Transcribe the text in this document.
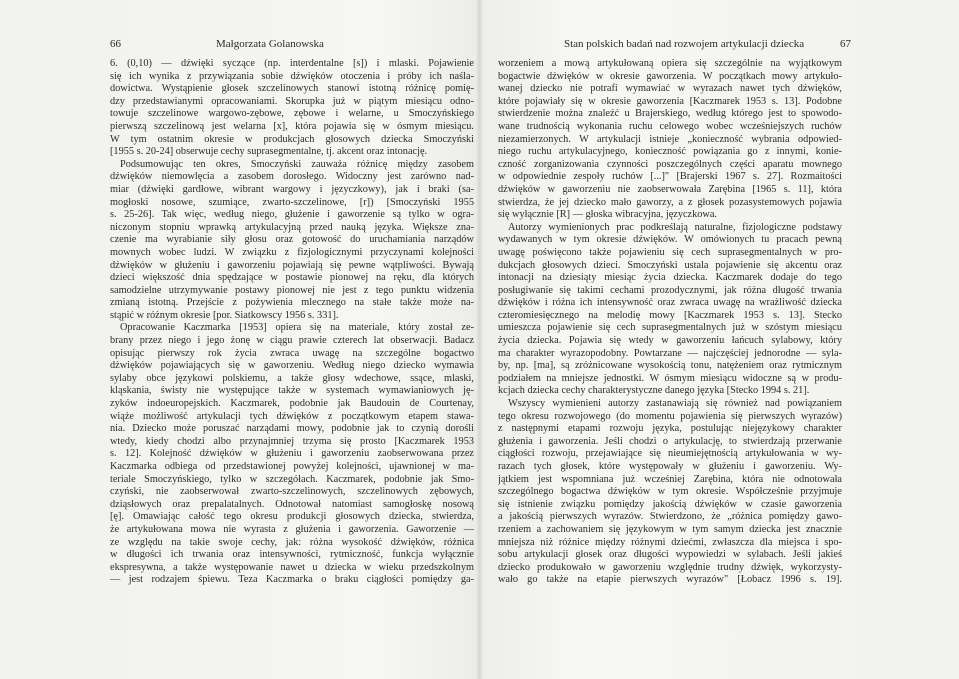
66	Małgorzata Golanowska
6. (0,10) — dźwięki syczące (np. interdentalne [s]) i mlaski. Pojawienie
się ich wynika z przywiązania sobie dźwięków otoczenia i próby ich naśla-
dowictwa. Wystąpienie głosek szczelinowych stanowi istotną różnicę pomię-
dzy przedstawianymi opracowaniami. Skorupka już w piątym miesiącu odno-
towuje szczelinowe wargowo-zębowe, zębowe i welarne, u Smoczyńskiego
pierwszą szczelinową jest welarna [x], która pojawia się w ósmym miesiącu.
W tym ostatnim okresie w produkcjach głosowych dziecka Smoczyński
[1955 s. 20-24] obserwuje cechy suprasegmentalne, tj. akcent oraz intonację.
Podsumowując ten okres, Smoczyński zauważa różnicę między zasobem
dźwięków niemowlęcia a zasobem dorosłego. Widoczny jest zarówno nad-
miar (dźwięki gardłowe, wibrant wargowy i języczkowy), jak i braki (sa-
mogłoski nosowe, szumiące, zwarto-szczelinowe, [r]) [Smoczyński 1955
s. 25-26]. Tak więc, według niego, głużenie i gaworzenie są tylko w ogra-
niczonym stopniu wprawką artykulacyjną przed nauką języka. Większe zna-
czenie ma wyrabianie siły głosu oraz gotowość do uruchamiania narządów
mownych wobec ludzi. W związku z fizjologicznymi przyczynami kolejności
dźwięków w głużeniu i gaworzeniu pojawiają się pewne wątpliwości. Bywają
dzieci większość dnia spędzające w postawie pionowej na ręku, dla których
samodzielne utrzymywanie postawy pionowej nie jest z tego punktu widzenia
zmianą istotną. Przejście z pożywienia mlecznego na stałe także może na-
stąpić w różnym okresie [por. Siatkowscy 1956 s. 331].
Opracowanie Kaczmarka [1953] opiera się na materiale, który został ze-
brany przez niego i jego żonę w ciągu prawie czterech lat obserwacji. Badacz
opisując pierwszy rok życia zwraca uwagę na szczególne bogactwo
dźwięków pojawiających się w gaworzeniu. Według niego dziecko wymawia
sylaby obce językowi polskiemu, a także głosy wdechowe, ssące, mlaski,
kląskania, świsty nie występujące także w systemach wymawianiowych ję-
zyków indoeuropejskich. Kaczmarek, podobnie jak Baudouin de Courtenay,
wiąże możliwość artykulacji tych dźwięków z początkowym etapem stawa-
nia. Dziecko może poruszać narządami mowy, podobnie jak to czynią dorośli
wtedy, kiedy chodzi albo przynajmniej trzyma się prosto [Kaczmarek 1953
s. 12]. Kolejność dźwięków w głużeniu i gaworzeniu zaobserwowana przez
Kaczmarka odbiega od przedstawionej powyżej kolejności, ujawnionej w ma-
teriale Smoczyńskiego, tylko w szczegółach. Kaczmarek, podobnie jak Smo-
czyński, nie zaobserwował zwarto-szczelinowych, szczelinowych zębowych,
dziąsłowych oraz prepalatalnych. Odnotował natomiast samogłoskę nosową
[ę]. Omawiając całość tego okresu produkcji głosowych dziecka, stwierdza,
że artykułowana mowa nie wyrasta z głużenia i gaworzenia. Gaworzenie —
ze względu na takie swoje cechy, jak: różna wysokość dźwięków, różnica
w długości ich trwania oraz intensywności, rytmiczność, funkcja wyłącznie
ekspresywna, a także występowanie nawet u dziecka w wieku przedszkolnym
— jest rodzajem śpiewu. Teza Kaczmarka o braku ciągłości pomiędzy ga-
Stan polskich badań nad rozwojem artykulacji dziecka	67
worzeniem a mową artykułowaną opiera się szczególnie na wyjątkowym
bogactwie dźwięków w okresie gaworzenia. W początkach mowy artykuło-
wanej dziecko nie potrafi wymawiać w wyrazach nawet tych dźwięków,
które pojawiały się w okresie gaworzenia [Kaczmarek 1953 s. 13]. Podobne
stwierdzenie można znaleźć u Brajerskiego, według którego jest to spowodo-
wane trudnością wykonania ruchu celowego wobec wcześniejszych ruchów
niezamierzonych. W artykulacji istnieje „konieczność wybrania odpowied-
niego ruchu artykulacyjnego, konieczność powiązania go z innymi, konie-
czność zorganizowania czynności poszczególnych części aparatu mownego
w odpowiednie zespoły ruchów [...]" [Brajerski 1967 s. 27]. Rozmaitości
dźwięków w gaworzeniu nie zaobserwowała Zarębina [1965 s. 11], która
stwierdza, że jej dziecko mało gaworzy, a z głosek pozasystemowych pojawia
się wyłącznie [R] — głoska wibracyjna, języczkowa.
Autorzy wymienionych prac podkreślają naturalne, fizjologiczne podstawy
wydawanych w tym okresie dźwięków. W omówionych tu pracach pewną
uwagę poświęcono także pojawieniu się cech suprasegmentalnych w pro-
dukcjach głosowych dzieci. Smoczyński ustala pojawienie się akcentu oraz
intonacji na dziesiąty miesiąc życia dziecka. Kaczmarek dodaje do tego
posługiwanie się takimi cechami prozodycznymi, jak różna długość trwania
dźwięków i różna ich intensywność oraz zwraca uwagę na wrażliwość dziecka
czteromiesięcznego na melodię mowy [Kaczmarek 1953 s. 13]. Stecko
umieszcza pojawienie się cech suprasegmentalnych już w szóstym miesiącu
życia dziecka. Pojawia się wtedy w gaworzeniu łańcuch sylabowy, który
ma charakter wyrazopodobny. Powtarzane — najczęściej jednorodne — syla-
by, np. [ma], są zróżnicowane wysokością tonu, natężeniem oraz rytmicznym
podziałem na mniejsze jednostki. W ósmym miesiącu widoczne są w produ-
kcjach dziecka cechy charakterystyczne danego języka [Stecko 1994 s. 21].
Wszyscy wymienieni autorzy zastanawiają się również nad powiązaniem
tego okresu rozwojowego (do momentu pojawienia się pierwszych wyrazów)
z następnymi etapami rozwoju języka, postulując niejęzykowy charakter
głużenia i gaworzenia. Jeśli chodzi o artykulację, to stwierdzają przerwanie
ciągłości rozwoju, przejawiające się nieumiejętnością artykułowania w wy-
razach tych głosek, które występowały w głużeniu i gaworzeniu. Wy-
jątkiem jest wspomniana już wcześniej Zarębina, która nie odnotowała
szczególnego bogactwa dźwięków w tym okresie. Współcześnie przyjmuje
się istnienie związku pomiędzy jakością dźwięków w czasie gaworzenia
a jakością pierwszych wyrazów. Stwierdzono, że „różnica pomiędzy gawo-
rzeniem a zachowaniem się językowym w tym samym dziecka jest znacznie
mniejsza niż różnice między różnymi dziećmi, zwłaszcza dla miejsca i spo-
sobu artykulacji głosek oraz długości wypowiedzi w sylabach. Jeśli jakieś
dziecko produkowało w gaworzeniu względnie trudny dźwięk, wykorzysty-
wało go także na etapie pierwszych wyrazów" [Łobacz 1996 s. 19].
